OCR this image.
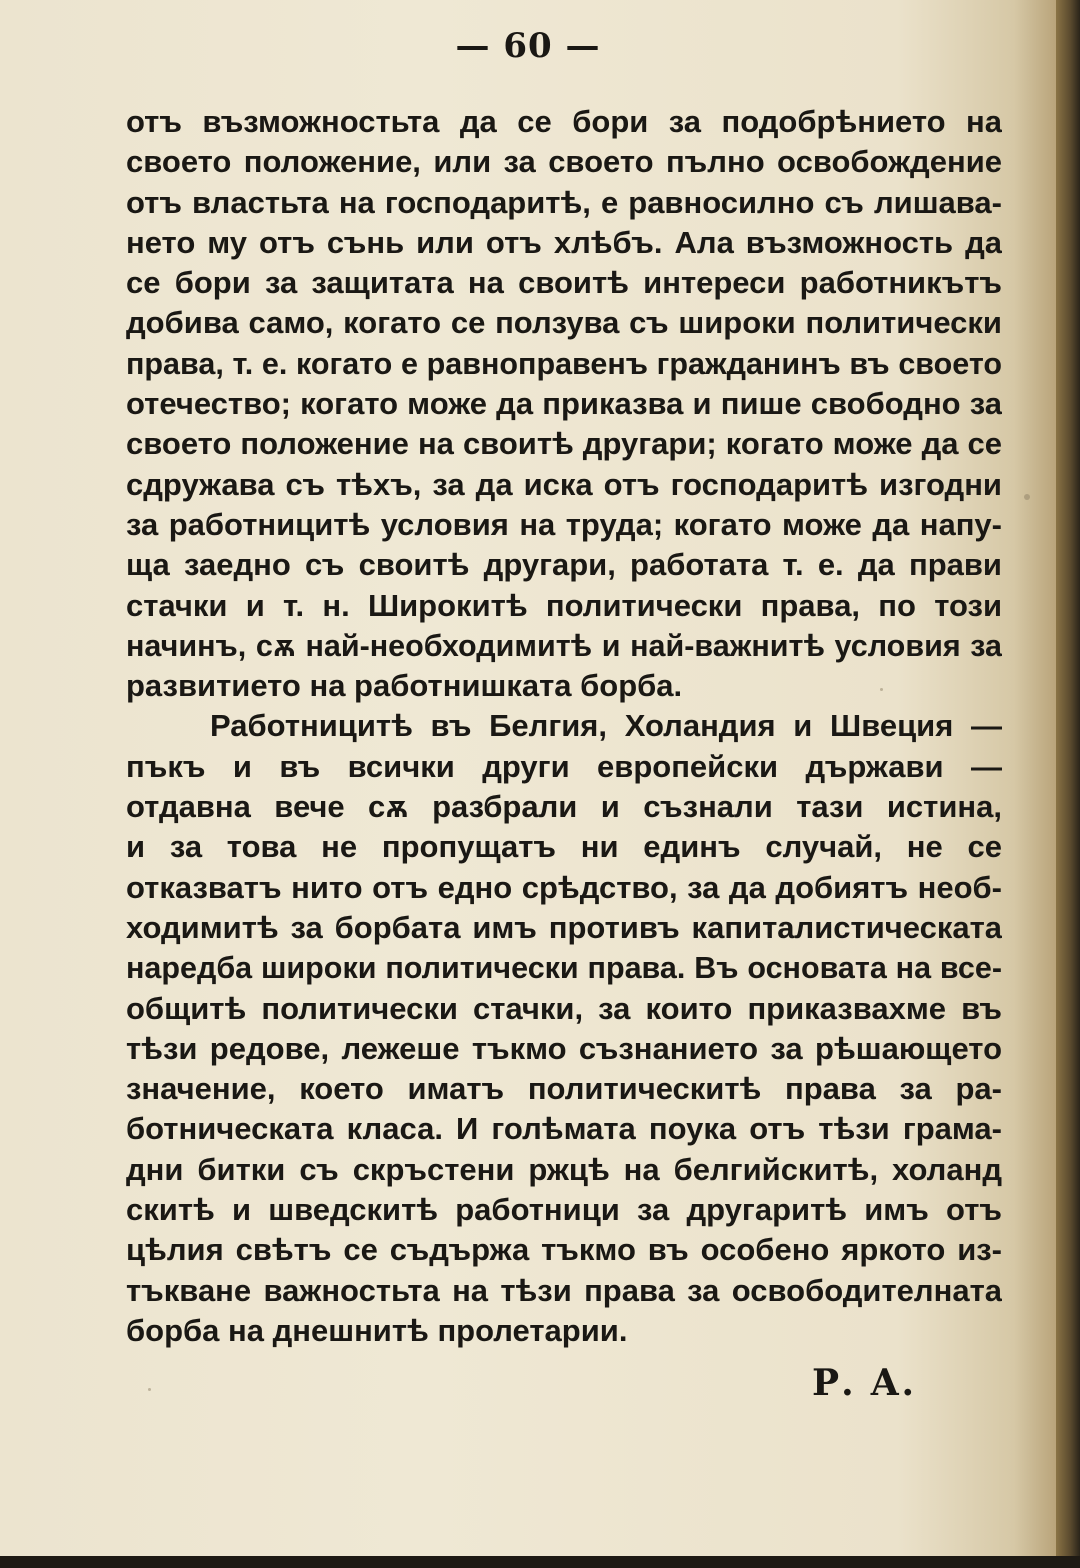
— 60 —
отъ възможностьта да се бори за подобрѣнието на
своето положение, или за своето пълно освобождение
отъ властьта на господаритѣ, е равносилно съ лишава-
нето му отъ сънь или отъ хлѣбъ. Ала възможность да
се бори за защитата на своитѣ интереси работникътъ
добива само, когато се ползува съ широки политически
права, т. е. когато е равноправенъ гражданинъ въ своето
отечество; когато може да приказва и пише свободно за
своето положение на своитѣ другари; когато може да се
сдружава съ тѣхъ, за да иска отъ господаритѣ изгодни
за работницитѣ условия на труда; когато може да напу-
ща заедно съ своитѣ другари, работата т. е. да прави
стачки и т. н. Широкитѣ политически права, по този
начинъ, сѫ най-необходимитѣ и най-важнитѣ условия за
развитието на работнишката борба.
Работницитѣ въ Белгия, Холандия и Швеция —
пъкъ и въ всички други европейски държави —
отдавна вече сѫ разбрали и съзнали тази истина,
и за това не пропущатъ ни единъ случай, не се
отказватъ нито отъ едно срѣдство, за да добиятъ необ-
ходимитѣ за борбата имъ противъ капиталистическата
наредба широки политически права. Въ основата на все-
общитѣ политически стачки, за които приказвахме въ
тѣзи редове, лежеше тъкмо съзнанието за рѣшающето
значение, което иматъ политическитѣ права за ра-
ботническата класа. И голѣмата поука отъ тѣзи грама-
дни битки съ скръстени ржцѣ на белгийскитѣ, холанд
скитѣ и шведскитѣ работници за другаритѣ имъ отъ
цѣлия свѣтъ се съдържа тъкмо въ особено яркото из-
тъкване важностьта на тѣзи права за освободителната
борба на днешнитѣ пролетарии.
Р. А.
